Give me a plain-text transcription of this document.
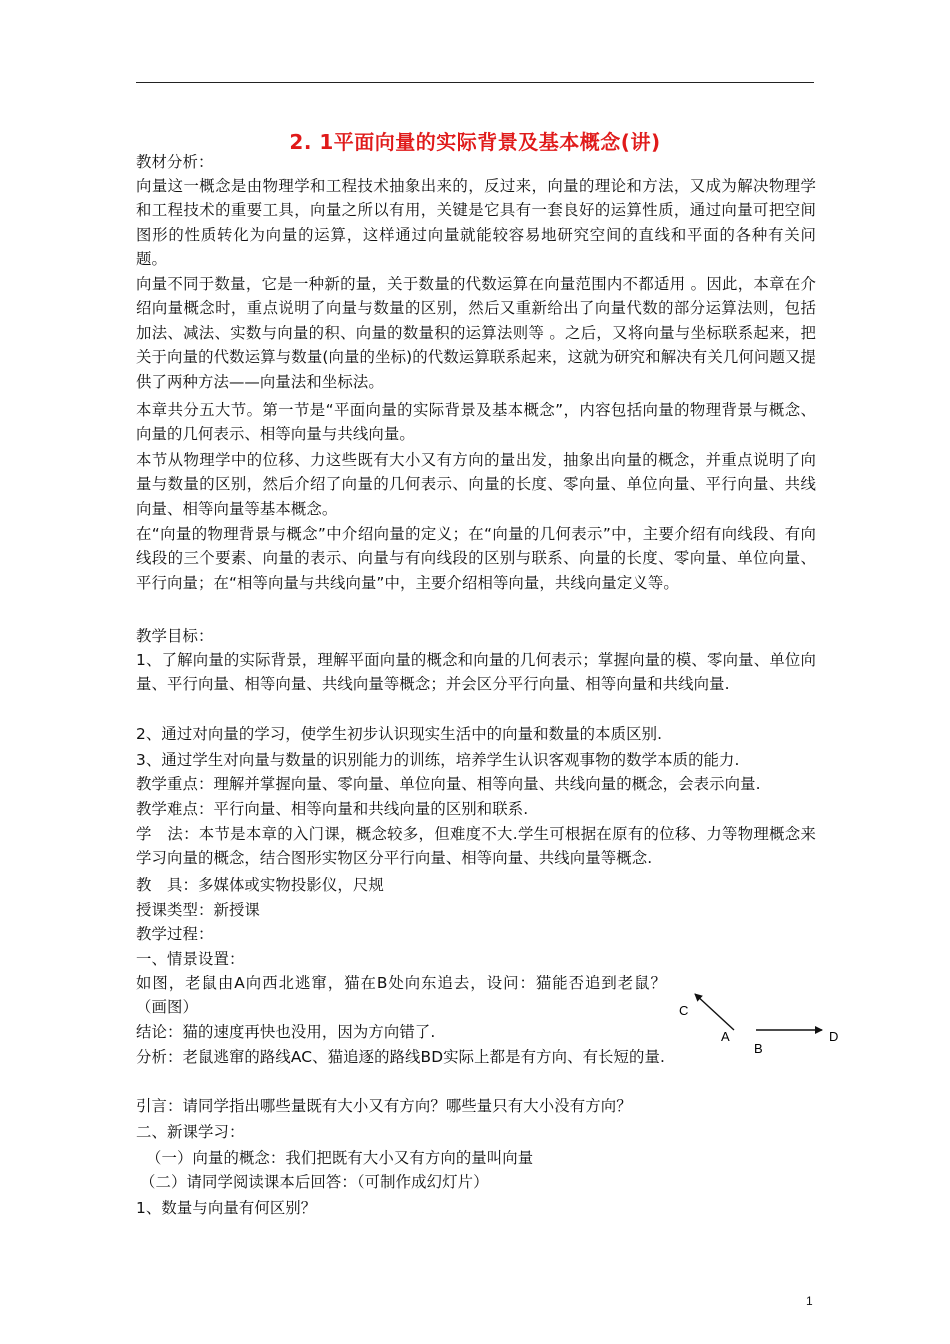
2. 1平面向量的实际背景及基本概念(讲)

教材分析：

向量这一概念是由物理学和工程技术抽象出来的，反过来，向量的理论和方法，又成为解决物理学和工程技术的重要工具，向量之所以有用，关键是它具有一套良好的运算性质，通过向量可把空间图形的性质转化为向量的运算，这样通过向量就能较容易地研究空间的直线和平面的各种有关问题。

向量不同于数量，它是一种新的量，关于数量的代数运算在向量范围内不都适用 。因此，本章在介绍向量概念时，重点说明了向量与数量的区别，然后又重新给出了向量代数的部分运算法则，包括加法、减法、实数与向量的积、向量的数量积的运算法则等 。之后，又将向量与坐标联系起来，把关于向量的代数运算与数量(向量的坐标)的代数运算联系起来，这就为研究和解决有关几何问题又提供了两种方法——向量法和坐标法。

本章共分五大节。第一节是“平面向量的实际背景及基本概念”，内容包括向量的物理背景与概念、向量的几何表示、相等向量与共线向量。

本节从物理学中的位移、力这些既有大小又有方向的量出发，抽象出向量的概念，并重点说明了向量与数量的区别，然后介绍了向量的几何表示、向量的长度、零向量、单位向量、平行向量、共线向量、相等向量等基本概念。

在“向量的物理背景与概念”中介绍向量的定义；在“向量的几何表示”中，主要介绍有向线段、有向线段的三个要素、向量的表示、向量与有向线段的区别与联系、向量的长度、零向量、单位向量、平行向量；在“相等向量与共线向量”中，主要介绍相等向量，共线向量定义等。

教学目标：

1、了解向量的实际背景，理解平面向量的概念和向量的几何表示；掌握向量的模、零向量、单位向量、平行向量、相等向量、共线向量等概念；并会区分平行向量、相等向量和共线向量.

2、通过对向量的学习，使学生初步认识现实生活中的向量和数量的本质区别.

3、通过学生对向量与数量的识别能力的训练，培养学生认识客观事物的数学本质的能力.

教学重点：理解并掌握向量、零向量、单位向量、相等向量、共线向量的概念，会表示向量.

教学难点：平行向量、相等向量和共线向量的区别和联系.

学　法：本节是本章的入门课，概念较多，但难度不大.学生可根据在原有的位移、力等物理概念来学习向量的概念，结合图形实物区分平行向量、相等向量、共线向量等概念.

教　具：多媒体或实物投影仪，尺规

授课类型：新授课

教学过程：

一、情景设置：

如图，老鼠由A向西北逃窜，猫在B处向东追去，设问：猫能否追到老鼠？（画图）

结论：猫的速度再快也没用，因为方向错了.

分析：老鼠逃窜的路线AC、猫追逐的路线BD实际上都是有方向、有长短的量.

引言：请同学指出哪些量既有大小又有方向？哪些量只有大小没有方向？

二、新课学习：

（一）向量的概念：我们把既有大小又有方向的量叫向量

（二）请同学阅读课本后回答：（可制作成幻灯片）

1、数量与向量有何区别？

C
A
B
D
1
